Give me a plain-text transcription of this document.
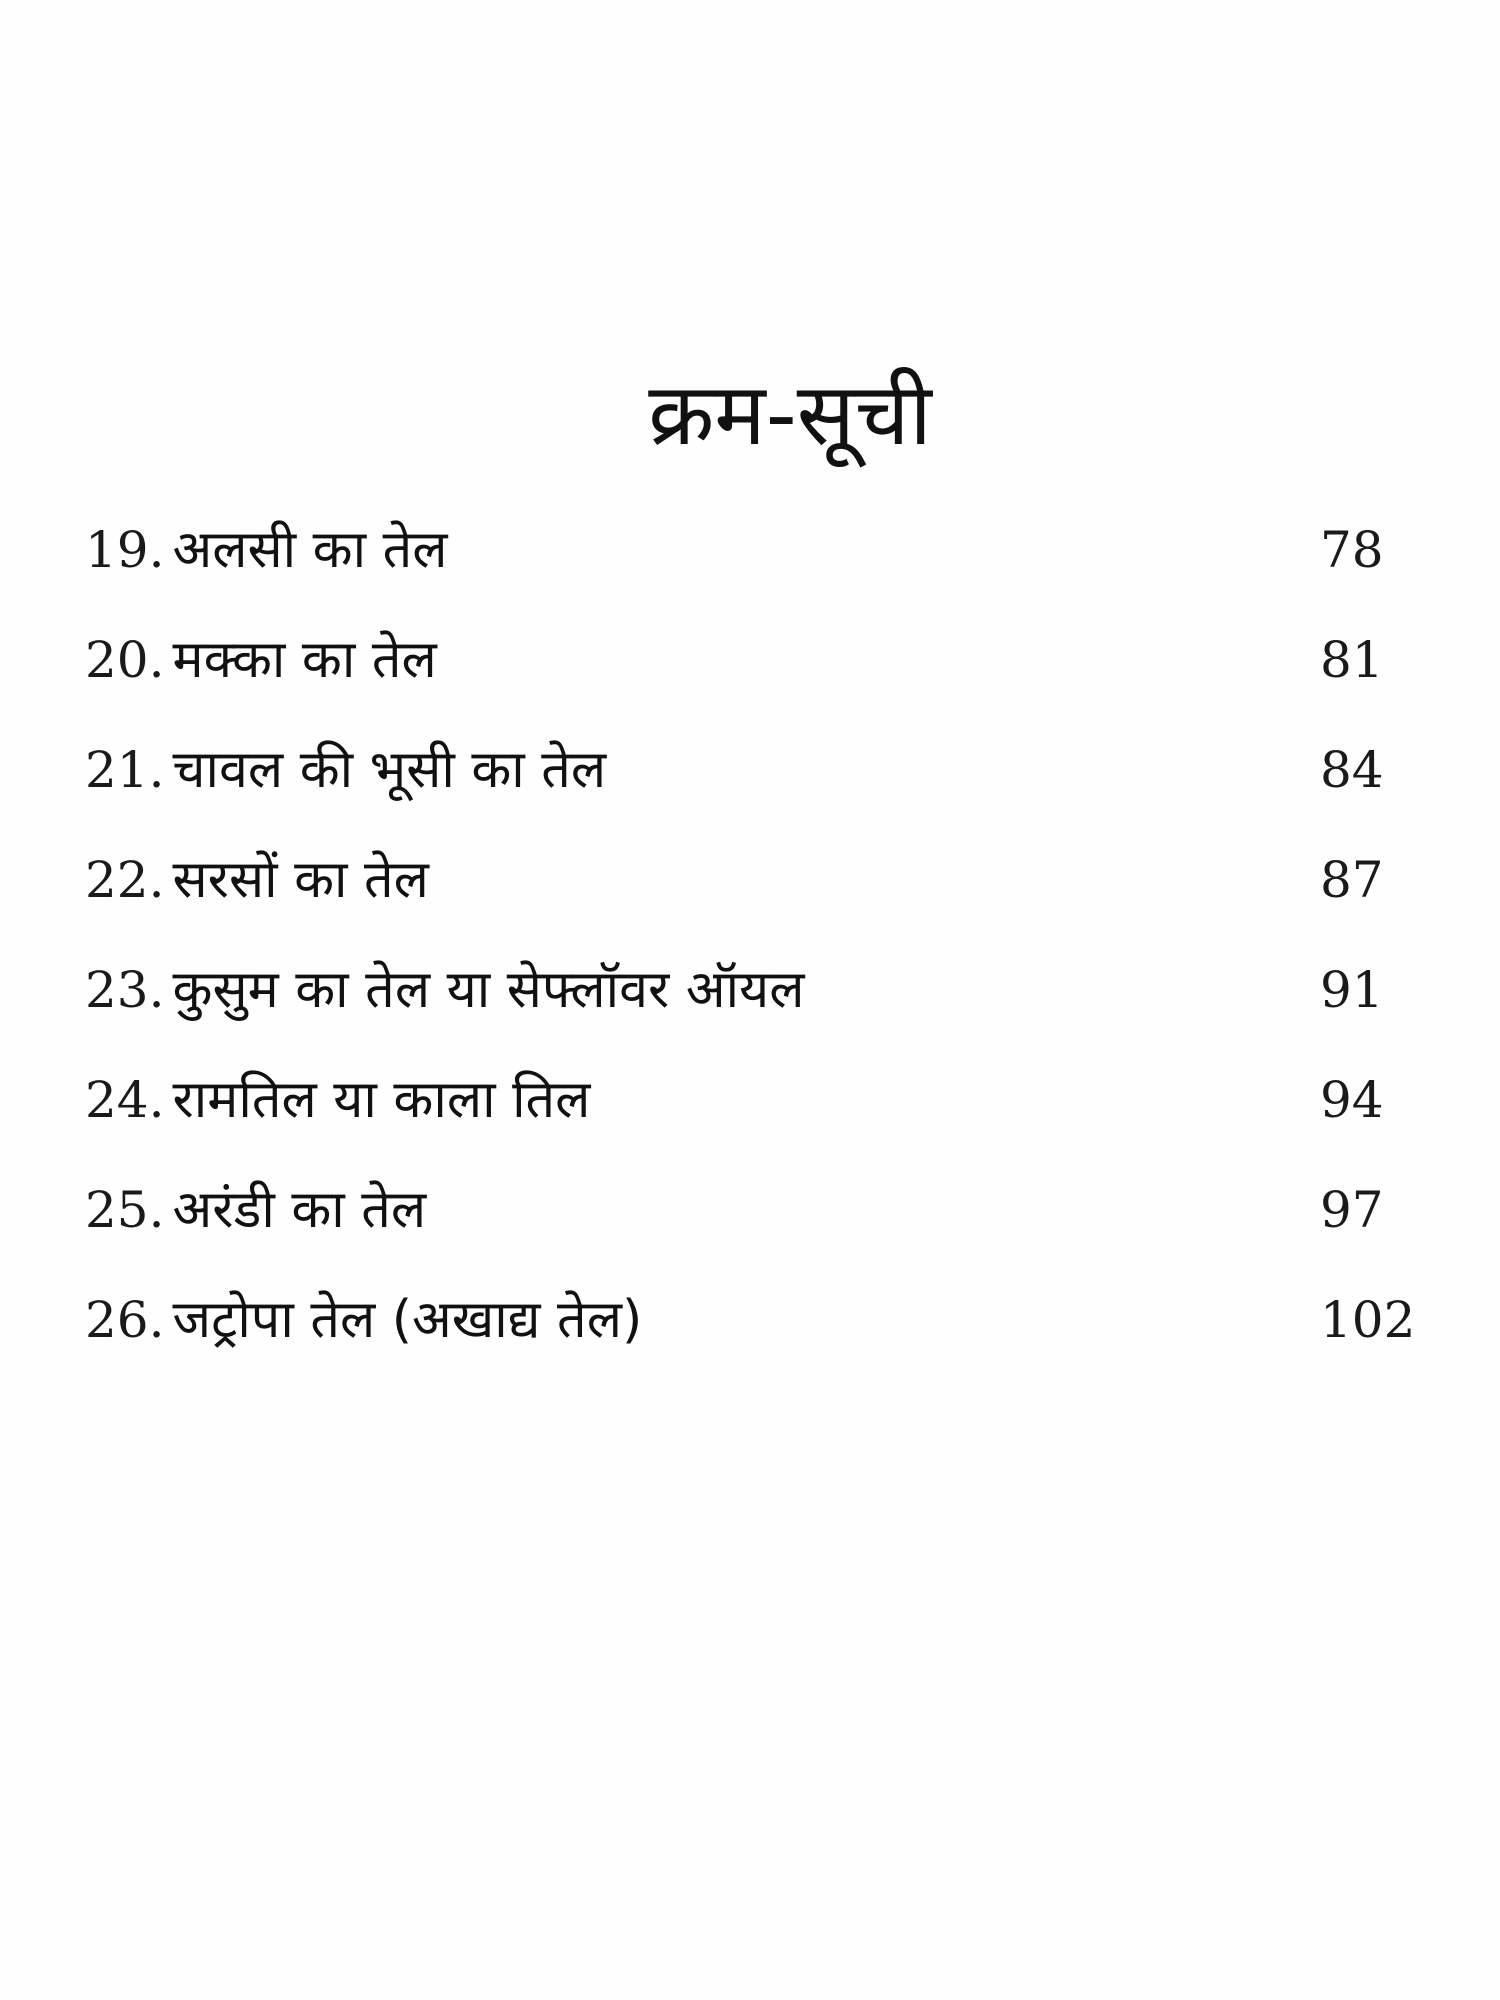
क्रम-सूची
19. अलसी का तेल	78
20. मक्का का तेल	81
21. चावल की भूसी का तेल	84
22. सरसों का तेल	87
23. कुसुम का तेल या सेफ्लॉवर ऑयल	91
24. रामतिल या काला तिल	94
25. अरंडी का तेल	97
26. जट्रोपा तेल (अखाद्य तेल)	102
